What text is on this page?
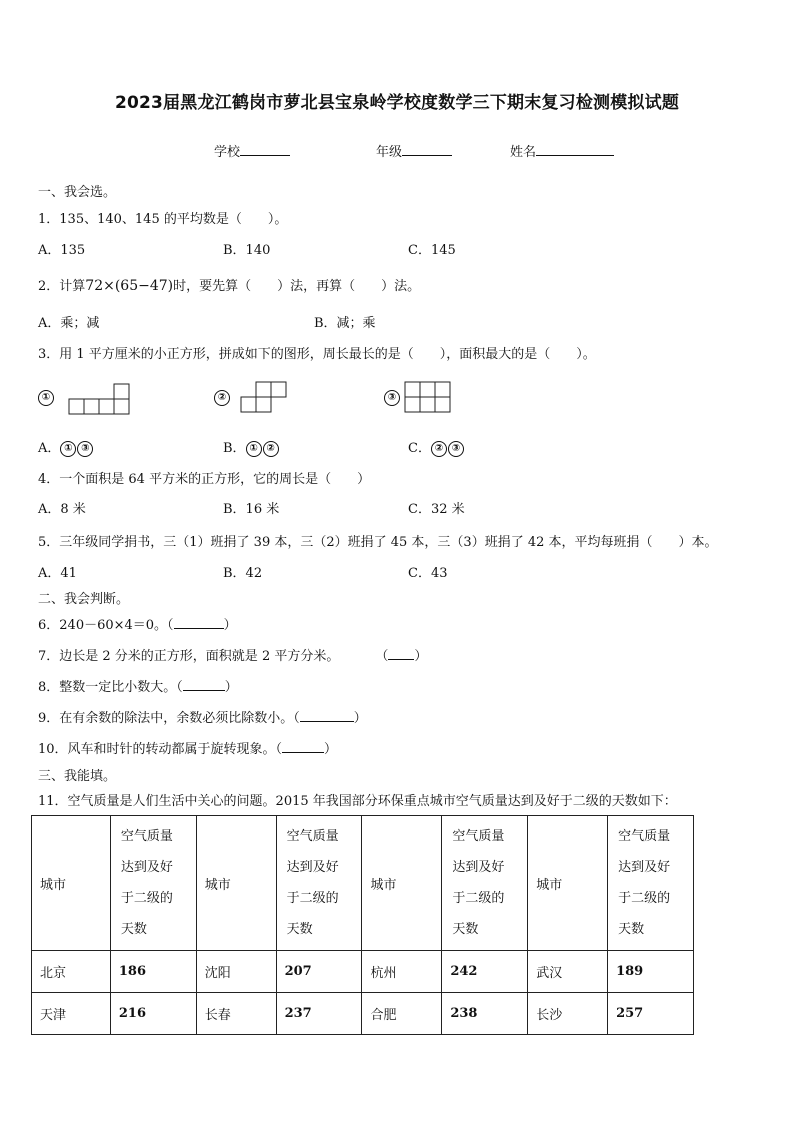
2023届黑龙江鹤岗市萝北县宝泉岭学校度数学三下期末复习检测模拟试题
学校	年级	姓名
一、我会选。
1．135、140、145 的平均数是（　　）。
A．135	B．140	C．145
2．计算72×(65−47)时，要先算（　　）法，再算（　　）法。
A．乘；减	B．减；乘
3．用 1 平方厘米的小正方形，拼成如下的图形，周长最长的是（　　），面积最大的是（　　）。
①	②	③
A． ① ③	B． ① ②	C． ② ③
4．一个面积是 64 平方米的正方形，它的周长是（　　）
A．8 米	B．16 米	C．32 米
5．三年级同学捐书，三（1）班捐了 39 本，三（2）班捐了 45 本，三（3）班捐了 42 本，平均每班捐（　　）本。
A．41	B．42	C．43
二、我会判断。
6．240－60×4＝0。（	）
7．边长是 2 分米的正方形，面积就是 2 平方分米。	（ ）
8．整数一定比小数大。（	）
9．在有余数的除法中，余数必须比除数小。（	）
10．风车和时针的转动都属于旋转现象。（	）
三、我能填。
11．空气质量是人们生活中关心的问题。2015 年我国部分环保重点城市空气质量达到及好于二级的天数如下：
城市	空气质量
达到及好
于二级的
天数	城市	空气质量
达到及好
于二级的
天数	城市	空气质量
达到及好
于二级的
天数	城市	空气质量
达到及好
于二级的
天数
北京	186	沈阳	207	杭州	242	武汉	189
天津	216	长春	237	合肥	238	长沙	257
